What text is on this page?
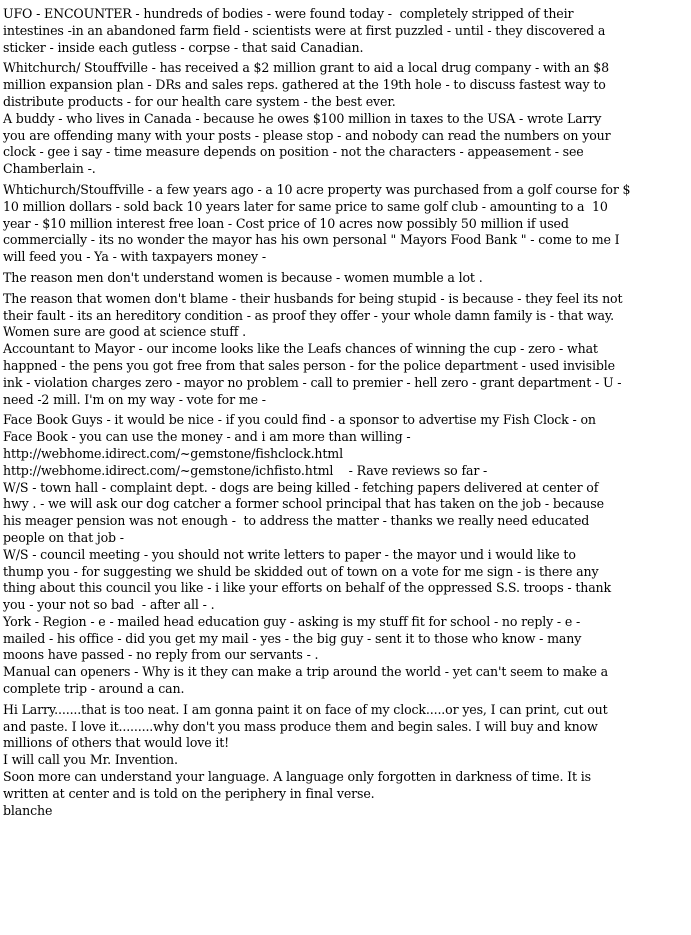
UFO - ENCOUNTER - hundreds of bodies - were found today -  completely stripped of their
intestines -in an abandoned farm field - scientists were at first puzzled - until - they discovered a
sticker - inside each gutless - corpse - that said Canadian.
Whitchurch/ Stouffville - has received a $2 million grant to aid a local drug company - with an $8
million expansion plan - DRs and sales reps. gathered at the 19th hole - to discuss fastest way to
distribute products - for our health care system - the best ever.
A buddy - who lives in Canada - because he owes $100 million in taxes to the USA - wrote Larry
you are offending many with your posts - please stop - and nobody can read the numbers on your
clock - gee i say - time measure depends on position - not the characters - appeasement - see
Chamberlain -.
Whtichurch/Stouffville - a few years ago - a 10 acre property was purchased from a golf course for $
10 million dollars - sold back 10 years later for same price to same golf club - amounting to a  10
year - $10 million interest free loan - Cost price of 10 acres now possibly 50 million if used
commercially - its no wonder the mayor has his own personal " Mayors Food Bank " - come to me I
will feed you - Ya - with taxpayers money -
The reason men don't understand women is because - women mumble a lot .
The reason that women don't blame - their husbands for being stupid - is because - they feel its not
their fault - its an hereditory condition - as proof they offer - your whole damn family is - that way.
Women sure are good at science stuff .
Accountant to Mayor - our income looks like the Leafs chances of winning the cup - zero - what
happned - the pens you got free from that sales person - for the police department - used invisible
ink - violation charges zero - mayor no problem - call to premier - hell zero - grant department - U -
need -2 mill. I'm on my way - vote for me -
Face Book Guys - it would be nice - if you could find - a sponsor to advertise my Fish Clock - on
Face Book - you can use the money - and i am more than willing -
http://webhome.idirect.com/~gemstone/fishclock.html
http://webhome.idirect.com/~gemstone/ichfisto.html    - Rave reviews so far -
W/S - town hall - complaint dept. - dogs are being killed - fetching papers delivered at center of
hwy . - we will ask our dog catcher a former school principal that has taken on the job - because
his meager pension was not enough -  to address the matter - thanks we really need educated
people on that job -
W/S - council meeting - you should not write letters to paper - the mayor und i would like to
thump you - for suggesting we shuld be skidded out of town on a vote for me sign - is there any
thing about this council you like - i like your efforts on behalf of the oppressed S.S. troops - thank
you - your not so bad  - after all - .
York - Region - e - mailed head education guy - asking is my stuff fit for school - no reply - e -
mailed - his office - did you get my mail - yes - the big guy - sent it to those who know - many
moons have passed - no reply from our servants - .
Manual can openers - Why is it they can make a trip around the world - yet can't seem to make a
complete trip - around a can.
Hi Larry.......that is too neat. I am gonna paint it on face of my clock.....or yes, I can print, cut out
and paste. I love it.........why don't you mass produce them and begin sales. I will buy and know
millions of others that would love it!
I will call you Mr. Invention.
Soon more can understand your language. A language only forgotten in darkness of time. It is
written at center and is told on the periphery in final verse.
blanche
